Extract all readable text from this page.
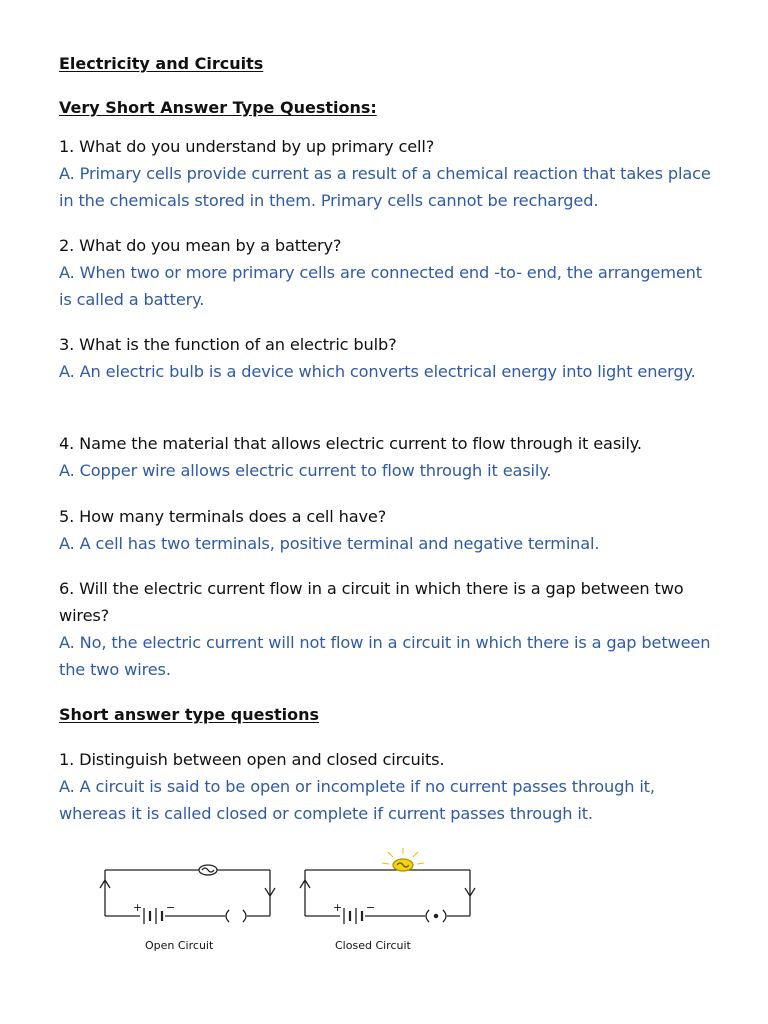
Electricity and Circuits

Very Short Answer Type Questions:

1. What do you understand by up primary cell?
A. Primary cells provide current as a result of a chemical reaction that takes place in the chemicals stored in them. Primary cells cannot be recharged.
2. What do you mean by a battery?
A. When two or more primary cells are connected end -to- end, the arrangement is called a battery.
3. What is the function of an electric bulb?
A. An electric bulb is a device which converts electrical energy into light energy.
4. Name the material that allows electric current to flow through it easily.
A. Copper wire allows electric current to flow through it easily.
5. How many terminals does a cell have?
A. A cell has two terminals, positive terminal and negative terminal.
6. Will the electric current flow in a circuit in which there is a gap between two wires?
A. No, the electric current will not flow in a circuit in which there is a gap between the two wires.

Short answer type questions

1. Distinguish between open and closed circuits.
A. A circuit is said to be open or incomplete if no current passes through it, whereas it is called closed or complete if current passes through it.
+ −
Open Circuit
+ −
Closed Circuit
